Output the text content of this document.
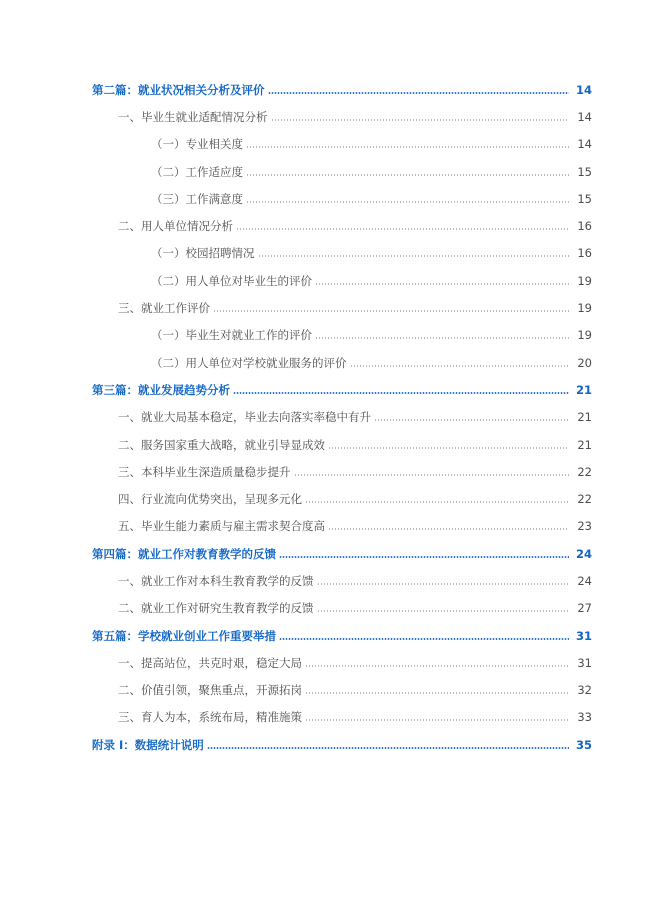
第二篇：就业状况相关分析及评价	14
一、毕业生就业适配情况分析	14
（一）专业相关度	14
（二）工作适应度	15
（三）工作满意度	15
二、用人单位情况分析	16
（一）校园招聘情况	16
（二）用人单位对毕业生的评价	19
三、就业工作评价	19
（一）毕业生对就业工作的评价	19
（二）用人单位对学校就业服务的评价	20
第三篇：就业发展趋势分析	21
一、就业大局基本稳定，毕业去向落实率稳中有升	21
二、服务国家重大战略，就业引导显成效	21
三、本科毕业生深造质量稳步提升	22
四、行业流向优势突出，呈现多元化	22
五、毕业生能力素质与雇主需求契合度高	23
第四篇：就业工作对教育教学的反馈	24
一、就业工作对本科生教育教学的反馈	24
二、就业工作对研究生教育教学的反馈	27
第五篇：学校就业创业工作重要举措	31
一、提高站位，共克时艰，稳定大局	31
二、价值引领，聚焦重点，开源拓岗	32
三、育人为本，系统布局，精准施策	33
附录 I：数据统计说明	35
